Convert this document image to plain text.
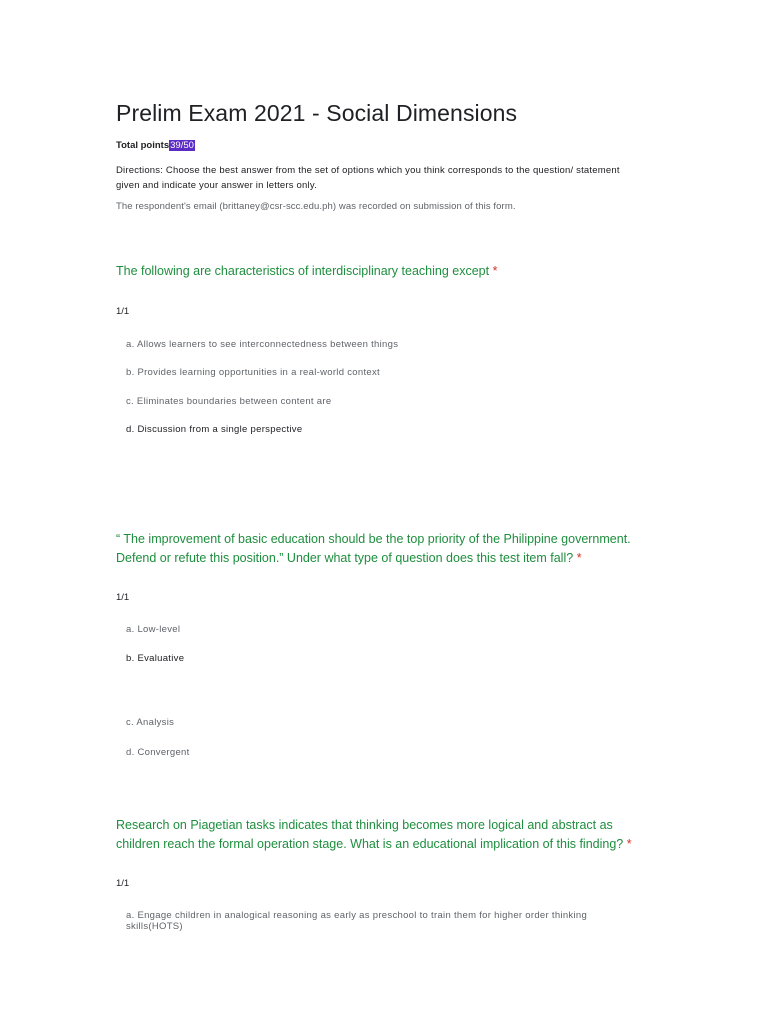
Prelim Exam 2021 - Social Dimensions
Total points39/50
Directions: Choose the best answer from the set of options which you think corresponds to the question/ statement given and indicate your answer in letters only.
The respondent's email (brittaney@csr-scc.edu.ph) was recorded on submission of this form.
The following are characteristics of interdisciplinary teaching except *
1/1
a. Allows learners to see interconnectedness between things
b. Provides learning opportunities in a real-world context
c. Eliminates boundaries between content are
d. Discussion from a single perspective
“ The improvement of basic education should be the top priority of the Philippine government. Defend or refute this position.” Under what type of question does this test item fall? *
1/1
a. Low-level
b. Evaluative
c. Analysis
d. Convergent
Research on Piagetian tasks indicates that thinking becomes more logical and abstract as children reach the formal operation stage. What is an educational implication of this finding? *
1/1
a. Engage children in analogical reasoning as early as preschool to train them for higher order thinking skills(HOTS)
